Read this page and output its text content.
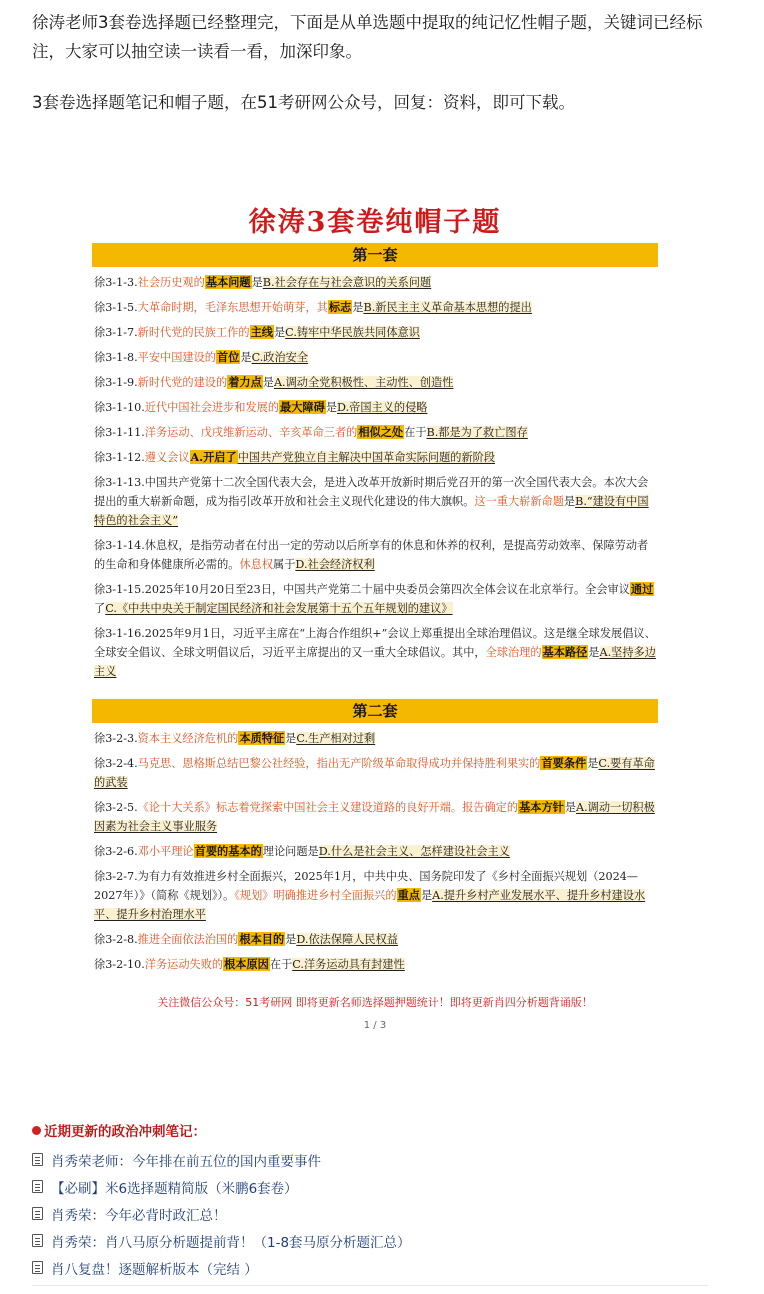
徐涛老师3套卷选择题已经整理完，下面是从单选题中提取的纯记忆性帽子题，关键词已经标注，大家可以抽空读一读看一看，加深印象。

3套卷选择题笔记和帽子题，在51考研网公众号，回复：资料，即可下载。

徐涛3套卷纯帽子题
第一套
徐3-1-3.社会历史观的基本问题是B.社会存在与社会意识的关系问题
徐3-1-5.大革命时期，毛泽东思想开始萌芽，其标志是B.新民主主义革命基本思想的提出
徐3-1-7.新时代党的民族工作的主线是C.铸牢中华民族共同体意识
徐3-1-8.平安中国建设的首位是C.政治安全
徐3-1-9.新时代党的建设的着力点是A.调动全党积极性、主动性、创造性
徐3-1-10.近代中国社会进步和发展的最大障碍是D.帝国主义的侵略
徐3-1-11.洋务运动、戊戌维新运动、辛亥革命三者的相似之处在于B.都是为了救亡图存
徐3-1-12.遵义会议A.开启了中国共产党独立自主解决中国革命实际问题的新阶段
徐3-1-13.中国共产党第十二次全国代表大会，是进入改革开放新时期后党召开的第一次全国代表大会。本次大会提出的重大崭新命题，成为指引改革开放和社会主义现代化建设的伟大旗帜。这一重大崭新命题是B.“建设有中国特色的社会主义”
徐3-1-14.休息权，是指劳动者在付出一定的劳动以后所享有的休息和休养的权利，是提高劳动效率、保障劳动者的生命和身体健康所必需的。休息权属于D.社会经济权利
徐3-1-15.2025年10月20日至23日，中国共产党第二十届中央委员会第四次全体会议在北京举行。全会审议通过了C.《中共中央关于制定国民经济和社会发展第十五个五年规划的建议》
徐3-1-16.2025年9月1日，习近平主席在“上海合作组织+”会议上郑重提出全球治理倡议。这是继全球发展倡议、全球安全倡议、全球文明倡议后，习近平主席提出的又一重大全球倡议。其中，全球治理的基本路径是A.坚持多边主义
第二套
徐3-2-3.资本主义经济危机的本质特征是C.生产相对过剩
徐3-2-4.马克思、恩格斯总结巴黎公社经验，指出无产阶级革命取得成功并保持胜利果实的首要条件是C.要有革命的武装
徐3-2-5.《论十大关系》标志着党探索中国社会主义建设道路的良好开端。报告确定的基本方针是A.调动一切积极因素为社会主义事业服务
徐3-2-6.邓小平理论首要的基本的理论问题是D.什么是社会主义、怎样建设社会主义
徐3-2-7.为有力有效推进乡村全面振兴，2025年1月，中共中央、国务院印发了《乡村全面振兴规划（2024—2027年）》（简称《规划》）。《规划》明确推进乡村全面振兴的重点是A.提升乡村产业发展水平、提升乡村建设水平、提升乡村治理水平
徐3-2-8.推进全面依法治国的根本目的是D.依法保障人民权益
徐3-2-10.洋务运动失败的根本原因在于C.洋务运动具有封建性
关注微信公众号：51考研网 即将更新名师选择题押题统计！即将更新肖四分析题背诵版！
1 / 3
近期更新的政治冲刺笔记：
肖秀荣老师：今年排在前五位的国内重要事件
【必刷】米6选择题精简版（米鹏6套卷）
肖秀荣：今年必背时政汇总！
肖秀荣：肖八马原分析题提前背！（1-8套马原分析题汇总）
肖八复盘！逐题解析版本（完结 ）
